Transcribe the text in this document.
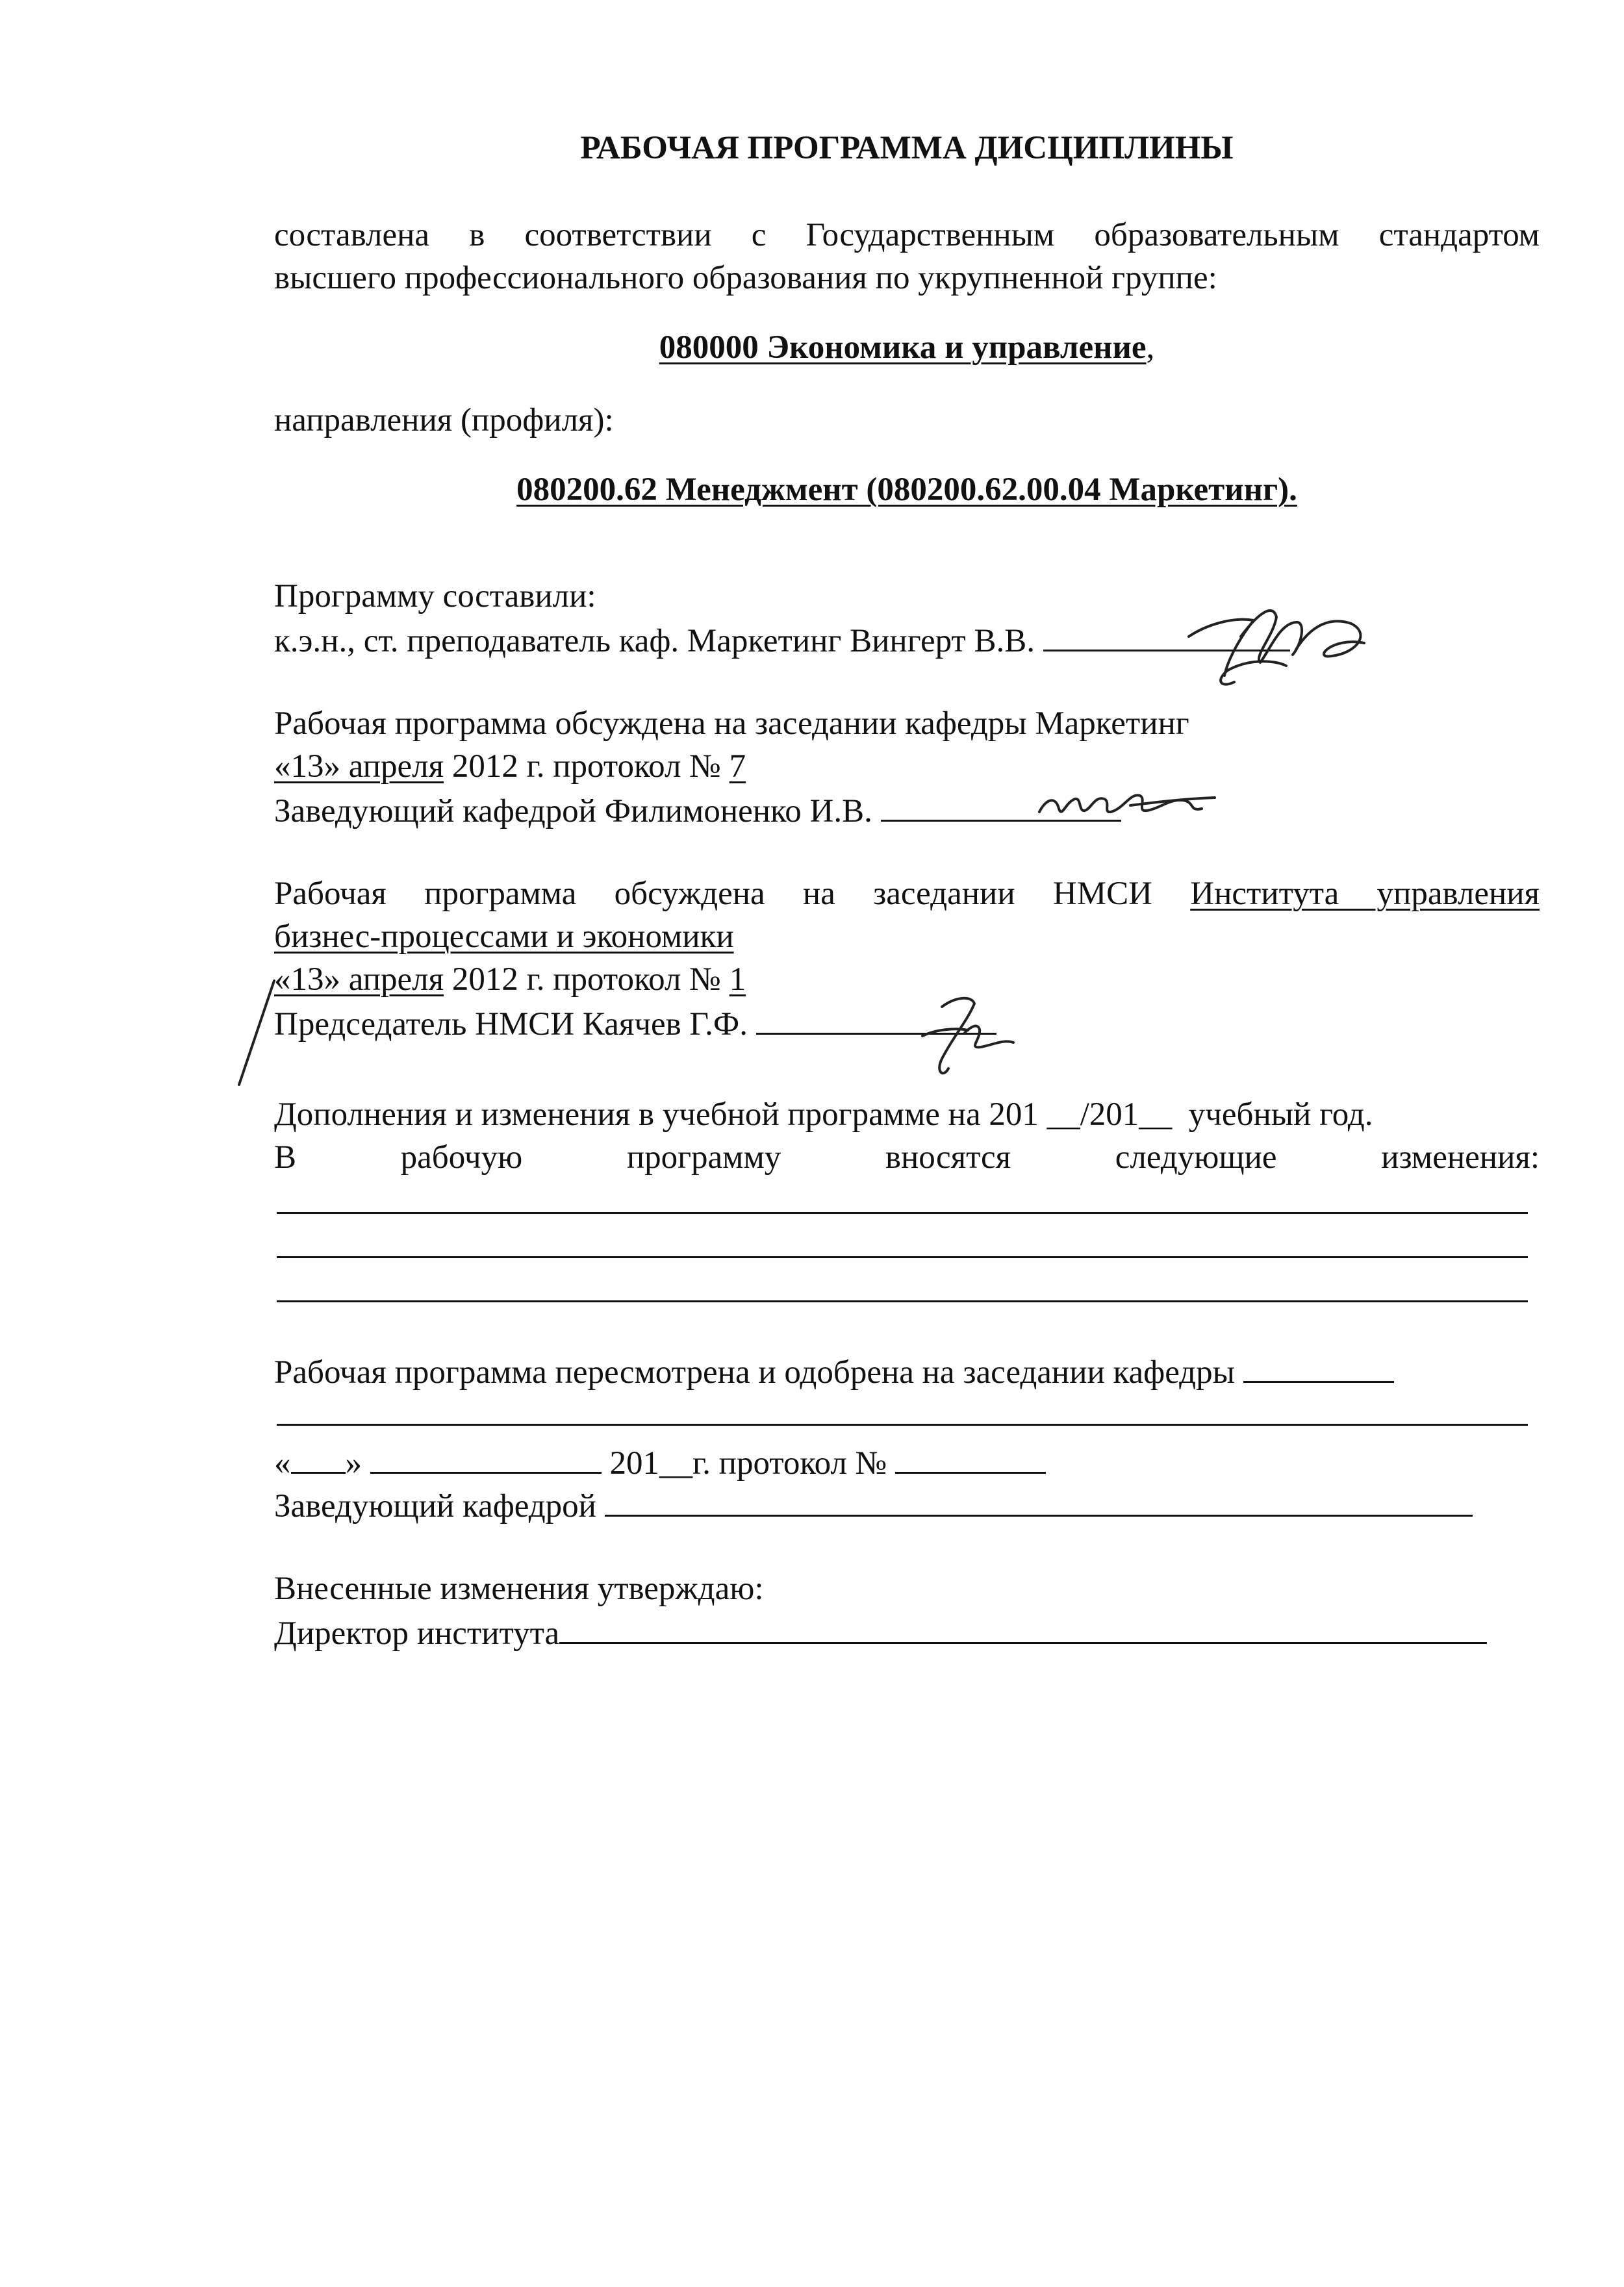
РАБОЧАЯ ПРОГРАММА ДИСЦИПЛИНЫ
составлена в соответствии с Государственным образовательным стандартом
высшего профессионального образования по укрупненной группе:
080000 Экономика и управление,
направления (профиля):
080200.62 Менеджмент (080200.62.00.04 Маркетинг).
Программу составили:
к.э.н., ст. преподаватель каф. Маркетинг Вингерт В.В.
Рабочая программа обсуждена на заседании кафедры Маркетинг
«13» апреля 2012 г. протокол № 7
Заведующий кафедрой Филимоненко И.В.
Рабочая программа обсуждена на заседании НМСИ Института управления
бизнес-процессами и экономики
«13» апреля 2012 г. протокол № 1
Председатель НМСИ Каячев Г.Ф.
Дополнения и изменения в учебной программе на 201 __/201__  учебный год.
В рабочую программу вносятся следующие изменения:
Рабочая программа пересмотрена и одобрена на заседании кафедры
« »	201__г. протокол №
Заведующий кафедрой
Внесенные изменения утверждаю:
Директор института
